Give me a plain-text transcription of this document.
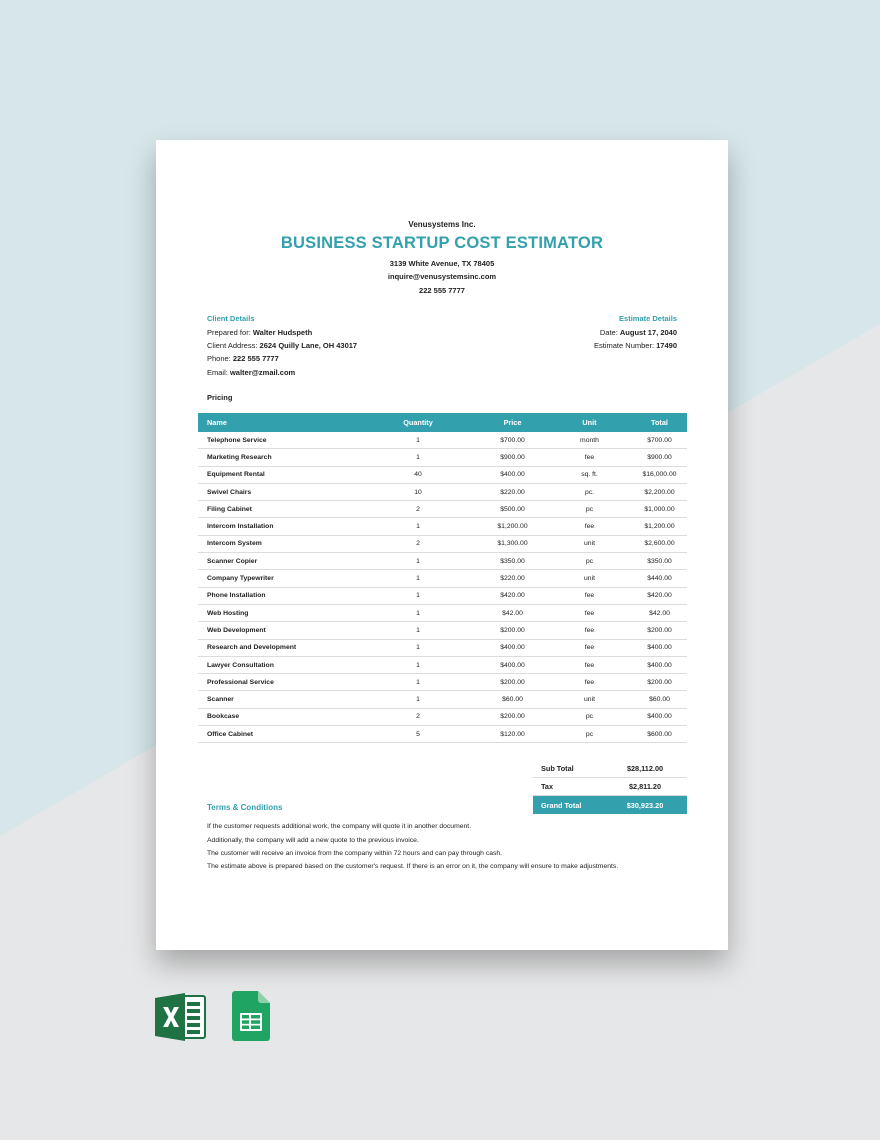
Venusystems Inc.
BUSINESS STARTUP COST ESTIMATOR
3139 White Avenue, TX 78405
inquire@venusystemsinc.com
222 555 7777
Client Details
Prepared for: Walter Hudspeth
Client Address: 2624 Quilly Lane, OH 43017
Phone: 222 555 7777
Email: walter@zmail.com
Estimate Details
Date: August 17, 2040
Estimate Number: 17490
Pricing
Name	Quantity	Price	Unit	Total
Telephone Service	1	$700.00	month	$700.00
Marketing Research	1	$900.00	fee	$900.00
Equipment Rental	40	$400.00	sq. ft.	$16,000.00
Swivel Chairs	10	$220.00	pc.	$2,200.00
Filing Cabinet	2	$500.00	pc	$1,000.00
Intercom Installation	1	$1,200.00	fee	$1,200.00
Intercom System	2	$1,300.00	unit	$2,600.00
Scanner Copier	1	$350.00	pc	$350.00
Company Typewriter	1	$220.00	unit	$440.00
Phone Installation	1	$420.00	fee	$420.00
Web Hosting	1	$42.00	fee	$42.00
Web Development	1	$200.00	fee	$200.00
Research and Development	1	$400.00	fee	$400.00
Lawyer Consultation	1	$400.00	fee	$400.00
Professional Service	1	$200.00	fee	$200.00
Scanner	1	$60.00	unit	$60.00
Bookcase	2	$200.00	pc	$400.00
Office Cabinet	5	$120.00	pc	$600.00
Sub Total	$28,112.00
Tax	$2,811.20
Grand Total	$30,923.20
Terms & Conditions
If the customer requests additional work, the company will quote it in another document.
Additionally, the company will add a new quote to the previous invoice.
The customer will receive an invoice from the company within 72 hours and can pay through cash.
The estimate above is prepared based on the customer's request. If there is an error on it, the company will ensure to make adjustments.
